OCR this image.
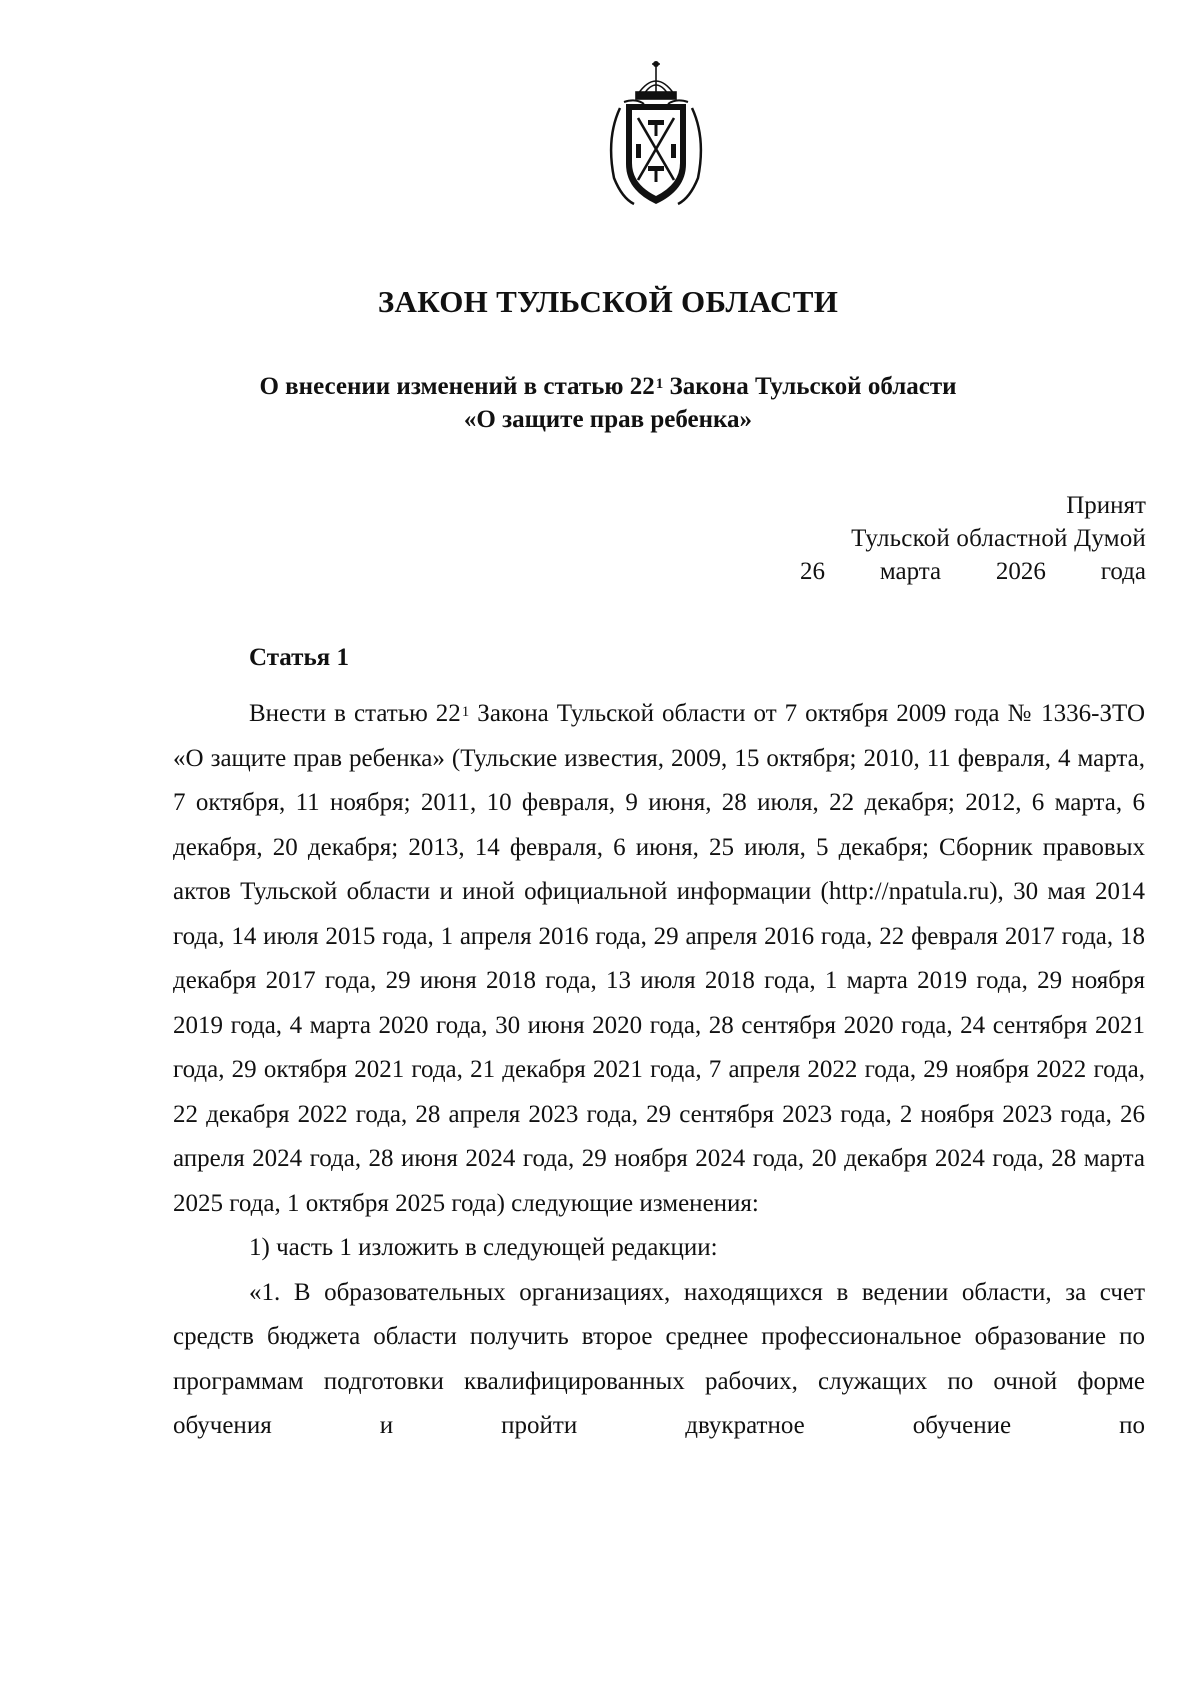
ЗАКОН ТУЛЬСКОЙ ОБЛАСТИ
О внесении изменений в статью $22^1$ Закона Тульской области
«О защите прав ребенка»
Принят
Тульской областной Думой
26 марта 2026 года
Статья 1

Внести в статью $22^1$ Закона Тульской области от 7 октября 2009 года № 1336-ЗТО «О защите прав ребенка» (Тульские известия, 2009, 15 октября; 2010, 11 февраля, 4 марта, 7 октября, 11 ноября; 2011, 10 февраля, 9 июня, 28 июля, 22 декабря; 2012, 6 марта, 6 декабря, 20 декабря; 2013, 14 февраля, 6 июня, 25 июля, 5 декабря; Сборник правовых актов Тульской области и иной официальной информации (http://npatula.ru), 30 мая 2014 года, 14 июля 2015 года, 1 апреля 2016 года, 29 апреля 2016 года, 22 февраля 2017 года, 18 декабря 2017 года, 29 июня 2018 года, 13 июля 2018 года, 1 марта 2019 года, 29 ноября 2019 года, 4 марта 2020 года, 30 июня 2020 года, 28 сентября 2020 года, 24 сентября 2021 года, 29 октября 2021 года, 21 декабря 2021 года, 7 апреля 2022 года, 29 ноября 2022 года, 22 декабря 2022 года, 28 апреля 2023 года, 29 сентября 2023 года, 2 ноября 2023 года, 26 апреля 2024 года, 28 июня 2024 года, 29 ноября 2024 года, 20 декабря 2024 года, 28 марта 2025 года, 1 октября 2025 года) следующие изменения:

1) часть 1 изложить в следующей редакции:

«1. В образовательных организациях, находящихся в ведении области, за счет средств бюджета области получить второе среднее профессиональное образование по программам подготовки квалифицированных рабочих, служащих по очной форме обучения и пройти двукратное обучение по
